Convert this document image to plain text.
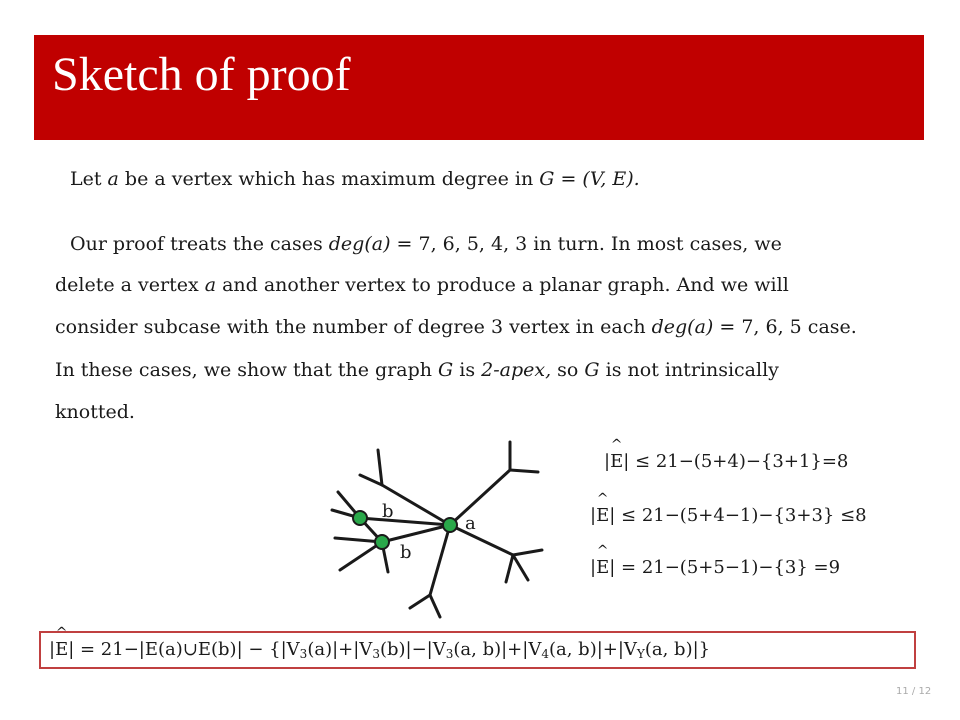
Sketch of proof
Let a be a vertex which has maximum degree in G = (V, E).
Our proof treats the cases deg(a) = 7, 6, 5, 4, 3 in turn. In most cases, we
delete a vertex a and another vertex to produce a planar graph. And we will
consider subcase with the number of degree 3 vertex in each deg(a) = 7, 6, 5 case.
In these cases, we show that the graph G is 2-apex, so G is not intrinsically
knotted.
a
b
b
|^ E| ≤ 21−(5+4)−{3+1}=8
|^ E| ≤ 21−(5+4−1)−{3+3} ≤8
|^ E| = 21−(5+5−1)−{3} =9
|^ E| = 21−|E(a)∪E(b)| − {$|V_3(a)|+|V_3(b)|-|V_3(a$, $b)|+|V_4(a$, $b)|+|V_Y(a$, b)|}
11 / 12
